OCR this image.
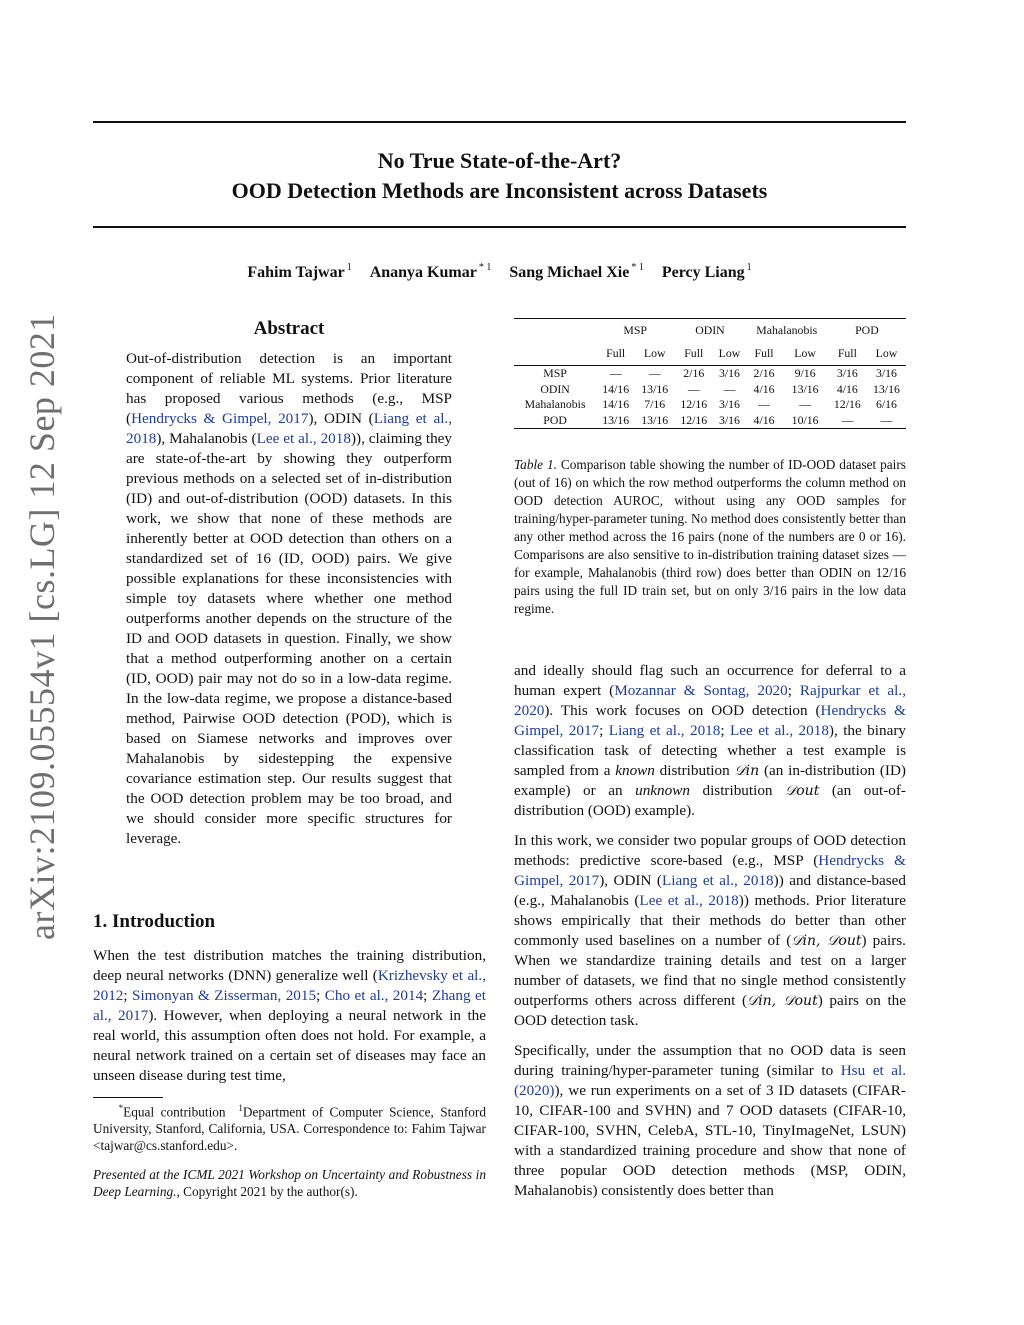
arXiv:2109.05554v1 [cs.LG] 12 Sep 2021
No True State-of-the-Art?
OOD Detection Methods are Inconsistent across Datasets
Fahim Tajwar $^1$ Ananya Kumar $^{* 1}$ Sang Michael Xie $^{* 1}$ Percy Liang $^1$
Abstract
Out-of-distribution detection is an important component of reliable ML systems. Prior literature has proposed various methods (e.g., MSP (Hendrycks & Gimpel, 2017), ODIN (Liang et al., 2018), Mahalanobis (Lee et al., 2018)), claiming they are state-of-the-art by showing they outperform previous methods on a selected set of in-distribution (ID) and out-of-distribution (OOD) datasets. In this work, we show that none of these methods are inherently better at OOD detection than others on a standardized set of 16 (ID, OOD) pairs. We give possible explanations for these inconsistencies with simple toy datasets where whether one method outperforms another depends on the structure of the ID and OOD datasets in question. Finally, we show that a method outperforming another on a certain (ID, OOD) pair may not do so in a low-data regime. In the low-data regime, we propose a distance-based method, Pairwise OOD detection (POD), which is based on Siamese networks and improves over Mahalanobis by sidestepping the expensive covariance estimation step. Our results suggest that the OOD detection problem may be too broad, and we should consider more specific structures for leverage.
1. Introduction

When the test distribution matches the training distribution, deep neural networks (DNN) generalize well (Krizhevsky et al., 2012; Simonyan & Zisserman, 2015; Cho et al., 2014; Zhang et al., 2017). However, when deploying a neural network in the real world, this assumption often does not hold. For example, a neural network trained on a certain set of diseases may face an unseen disease during test time,

*Equal contribution $^1$Department of Computer Science, Stanford University, Stanford, California, USA. Correspondence to: Fahim Tajwar <tajwar@cs.stanford.edu>.
Presented at the ICML 2021 Workshop on Uncertainty and Robustness in Deep Learning., Copyright 2021 by the author(s).
	MSP		ODIN		Mahalanobis		POD	
	Full	Low	Full	Low	Full	Low	Full	Low
MSP	—	—	2/16	3/16	2/16	9/16	3/16	3/16
ODIN	14/16	13/16	—	—	4/16	13/16	4/16	13/16
Mahalanobis	14/16	7/16	12/16	3/16	—	—	12/16	6/16
POD	13/16	13/16	12/16	3/16	4/16	10/16	—	—
Table 1. Comparison table showing the number of ID-OOD dataset pairs (out of 16) on which the row method outperforms the column method on OOD detection AUROC, without using any OOD samples for training/hyper-parameter tuning. No method does consistently better than any other method across the 16 pairs (none of the numbers are 0 or 16). Comparisons are also sensitive to in-distribution training dataset sizes — for example, Mahalanobis (third row) does better than ODIN on 12/16 pairs using the full ID train set, but on only 3/16 pairs in the low data regime.

and ideally should flag such an occurrence for deferral to a human expert (Mozannar & Sontag, 2020; Rajpurkar et al., 2020). This work focuses on OOD detection (Hendrycks & Gimpel, 2017; Liang et al., 2018; Lee et al., 2018), the binary classification task of detecting whether a test example is sampled from a known distribution 𝒟in (an in-distribution (ID) example) or an unknown distribution 𝒟out (an out-of-distribution (OOD) example).

In this work, we consider two popular groups of OOD detection methods: predictive score-based (e.g., MSP (Hendrycks & Gimpel, 2017), ODIN (Liang et al., 2018)) and distance-based (e.g., Mahalanobis (Lee et al., 2018)) methods. Prior literature shows empirically that their methods do better than other commonly used baselines on a number of (𝒟in, 𝒟out) pairs. When we standardize training details and test on a larger number of datasets, we find that no single method consistently outperforms others across different (𝒟in, 𝒟out) pairs on the OOD detection task.

Specifically, under the assumption that no OOD data is seen during training/hyper-parameter tuning (similar to Hsu et al. (2020)), we run experiments on a set of 3 ID datasets (CIFAR-10, CIFAR-100 and SVHN) and 7 OOD datasets (CIFAR-10, CIFAR-100, SVHN, CelebA, STL-10, TinyImageNet, LSUN) with a standardized training procedure and show that none of three popular OOD detection methods (MSP, ODIN, Mahalanobis) consistently does better than
